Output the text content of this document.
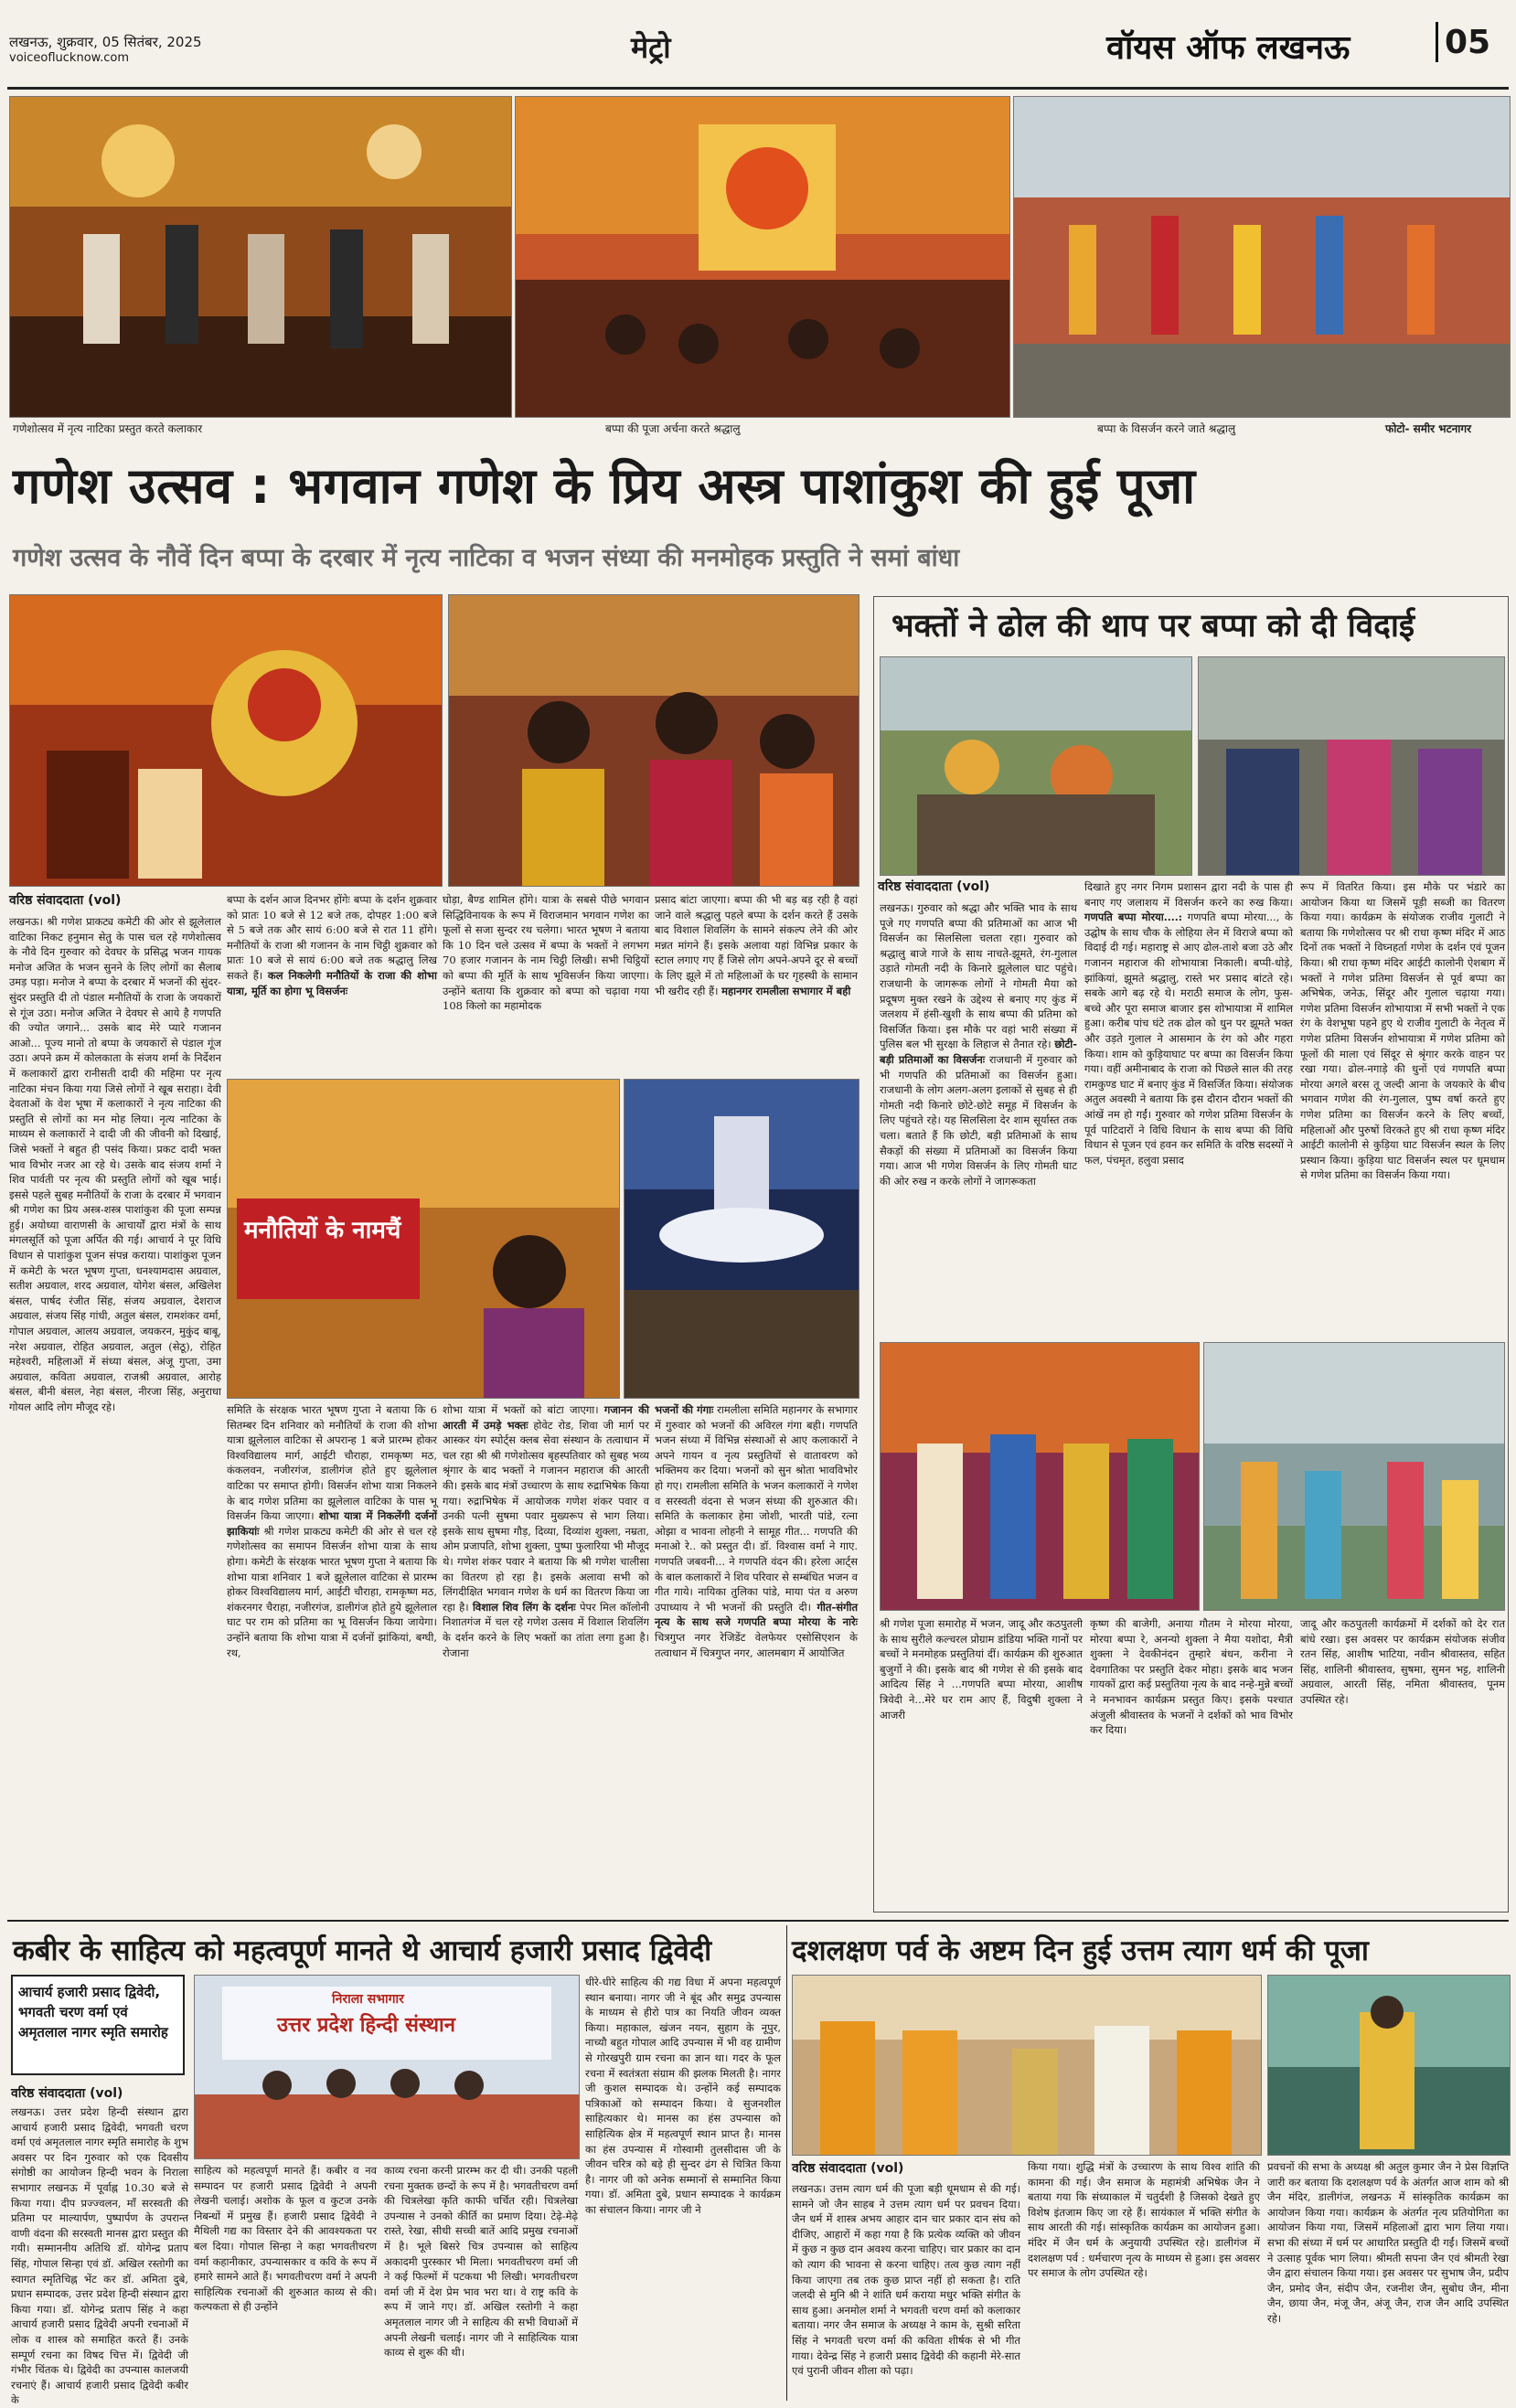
लखनऊ, शुक्रवार, 05 सितंबर, 2025
voiceoflucknow.com	मेट्रो	वॉयस ऑफ लखनऊ	05
गणेशोत्सव में नृत्य नाटिका प्रस्तुत करते कलाकार	बप्पा की पूजा अर्चना करते श्रद्धालु	बप्पा के विसर्जन करने जाते श्रद्धालु	फोटो- समीर भटनागर
गणेश उत्सव : भगवान गणेश के प्रिय अस्त्र पाशांकुश की हुई पूजा
गणेश उत्सव के नौवें दिन बप्पा के दरबार में नृत्य नाटिका व भजन संध्या की मनमोहक प्रस्तुति ने समां बांधा
वरिष्ठ संवाददाता (vol)
लखनऊ। श्री गणेश प्राकट्य कमेटी की ओर से झूलेलाल वाटिका निकट हनुमान सेतु के पास चल रहे गणेशोत्सव के नौवे दिन गुरुवार को देवघर के प्रसिद्ध भजन गायक मनोज अजित के भजन सुनने के लिए लोगों का सैलाब उमड़ पड़ा। मनोज ने बप्पा के दरबार में भजनों की सुंदर-सुंदर प्रस्तुति दी तो पंडाल मनौतियों के राजा के जयकारों से गूंज उठा। मनोज अजित ने देवघर से आये है गणपति की ज्योत जगाने... उसके बाद मेरे प्यारे गजानन आओ... पूज्य मानो तो बप्पा के जयकारों से पंडाल गूंज उठा। अपने क्रम में कोलकाता के संजय शर्मा के निर्देशन में कलाकारों द्वारा रानीसती दादी की महिमा पर नृत्य नाटिका मंचन किया गया जिसे लोगों ने खूब सराहा। देवी देवताओं के वेश भूषा में कलाकारों ने नृत्य नाटिका की प्रस्तुति से लोगों का मन मोह लिया। नृत्य नाटिका के माध्यम से कलाकारों ने दादी जी की जीवनी को दिखाई, जिसे भक्तों ने बहुत ही पसंद किया। प्रकट दादी भक्त भाव विभोर नजर आ रहे थे। उसके बाद संजय शर्मा ने शिव पार्वती पर नृत्य की प्रस्तुति लोगों को खूब भाई। इससे पहले सुबह मनौतियों के राजा के दरबार में भगवान श्री गणेश का प्रिय अस्त्र-शस्त्र पाशांकुश की पूजा सम्पन्न हुई। अयोध्या वाराणसी के आचार्यों द्वारा मंत्रों के साथ मंगलसूर्ति को पूजा अर्पित की गई। आचार्य ने पूर विधि विधान से पाशांकुश पूजन संपन्न कराया। पाशांकुश पूजन में कमेटी के भरत भूषण गुप्ता, धनश्यामदास अग्रवाल, सतीश अग्रवाल, शरद अग्रवाल, योगेश बंसल, अखिलेश बंसल, पार्षद रंजीत सिंह, संजय अग्रवाल, देशराज अग्रवाल, संजय सिंह गांधी, अतुल बंसल, रामशंकर वर्मा, गोपाल अग्रवाल, आलय अग्रवाल, जयकरन, मुकुंद बाबू, नरेश अग्रवाल, रोहित अग्रवाल, अतुल (सेठू), रोहित महेश्वरी, महिलाओं में संध्या बंसल, अंजू गुप्ता, उमा अग्रवाल, कविता अग्रवाल, राजश्री अग्रवाल, आरोह बंसल, बीनी बंसल, नेहा बंसल, नीरजा सिंह, अनुराधा गोयल आदि लोग मौजूद रहे।
बप्पा के दर्शन आज दिनभर होंगेः बप्पा के दर्शन शुक्रवार को प्रातः 10 बजे से 12 बजे तक, दोपहर 1:00 बजे से 5 बजे तक और सायं 6:00 बजे से रात 11 होंगे। मनौतियों के राजा श्री गजानन के नाम चिट्ठी शुक्रवार को प्रातः 10 बजे से सायं 6:00 बजे तक श्रद्धालु लिख सकते हैं। कल निकलेगी मनौतियों के राजा की शोभा यात्रा, मूर्ति का होगा भू विसर्जनः
घोड़ा, बैण्ड शामिल होंगे। यात्रा के सबसे पीछे भगवान सिद्धिविनायक के रूप में विराजमान भगवान गणेश का फूलों से सजा सुन्दर रथ चलेगा। भारत भूषण ने बताया कि 10 दिन चले उत्सव में बप्पा के भक्तों ने लगभग 70 हजार गजानन के नाम चिट्ठी लिखी। सभी चिट्ठियों को बप्पा की मूर्ति के साथ भूविसर्जन किया जाएगा। उन्होंने बताया कि शुक्रवार को बप्पा को चढ़ावा गया 108 किलो का महामोदक
प्रसाद बांटा जाएगा। बप्पा की भी बड़ बड़ रही है वहां जाने वाले श्रद्धालु पहले बप्पा के दर्शन करते हैं उसके बाद विशाल शिवलिंग के सामने संकल्प लेने की ओर मन्नत मांगने हैं। इसके अलावा यहां विभिन्न प्रकार के स्टाल लगाए गए हैं जिसे लोग अपने-अपने दूर से बच्चों के लिए झूले में तो महिलाओं के घर गृहस्थी के सामान भी खरीद रही हैं। महानगर रामलीला सभागार में बही
मनौतियों के नामचैं
समिति के संरक्षक भारत भूषण गुप्ता ने बताया कि 6 सितम्बर दिन शनिवार को मनौतियों के राजा की शोभा यात्रा झूलेलाल वाटिका से अपरान्ह 1 बजे प्रारम्भ होकर विश्वविद्यालय मार्ग, आईटी चौराहा, रामकृष्ण मठ, कंकलवन, नजीरगंज, डालीगंज होते हुए झूलेलाल वाटिका पर समाप्त होगी। विसर्जन शोभा यात्रा निकलने के बाद गणेश प्रतिमा का झूलेलाल वाटिका के पास भू विसर्जन किया जाएगा। शोभा यात्रा में निकलेंगी दर्जनों झाकियांः श्री गणेश प्राकट्य कमेटी की ओर से चल रहे गणेशोत्सव का समापन विसर्जन शोभा यात्रा के साथ होगा। कमेटी के संरक्षक भारत भूषण गुप्ता ने बताया कि शोभा यात्रा शनिवार 1 बजे झूलेलाल वाटिका से प्रारम्भ होकर विश्वविद्यालय मार्ग, आईटी चौराहा, रामकृष्ण मठ, शंकरनगर चैराहा, नजीरगंज, डालीगंज होते हुये झूलेलाल घाट पर राम को प्रतिमा का भू विसर्जन किया जायेगा। उन्होंने बताया कि शोभा यात्रा में दर्जनों झांकियां, बग्घी, रथ,
शोभा यात्रा में भक्तों को बांटा जाएगा। गजानन की आरती में उमड़े भक्तः होवेट रोड, शिवा जी मार्ग पर आस्कर यंग स्पोर्ट्स क्लब सेवा संस्थान के तत्वाधान में चल रहा श्री श्री गणेशोत्सव बृहस्पतिवार को सुबह भव्य श्रृंगार के बाद भक्तों ने गजानन महाराज की आरती की। इसके बाद मंत्रों उच्चारण के साथ रुद्राभिषेक किया गया। रुद्राभिषेक में आयोजक गणेश शंकर पवार व उनकी पत्नी सुषमा पवार मुख्यरूप से भाग लिया। इसके साथ सुषमा गौड़, दिव्या, दिव्यांश शुक्ला, नम्रता, ओम प्रजापति, शोभा शुक्ला, पुष्पा फुलारिया भी मौजूद थे। गणेश शंकर पवार ने बताया कि श्री गणेश चालीसा का वितरण हो रहा है। इसके अलावा सभी को लिंगदीक्षित भगवान गणेश के धर्म का वितरण किया जा रहा है। विशाल शिव लिंग के दर्शनः पेपर मिल कॉलोनी निशातगंज में चल रहे गणेश उत्सव में विशाल शिवलिंग के दर्शन करने के लिए भक्तों का तांता लगा हुआ है। रोजाना
भजनों की गंगाः रामलीला समिति महानगर के सभागार में गुरुवार को भजनों की अविरल गंगा बही। गणपति भजन संध्या में विभिन्न संस्थाओं से आए कलाकारों ने अपने गायन व नृत्य प्रस्तुतियों से वातावरण को भक्तिमय कर दिया। भजनों को सुन श्रोता भावविभोर हो गए। रामलीला समिति के भजन कलाकारों ने गणेश व सरस्वती वंदना से भजन संध्या की शुरुआत की। समिति के कलाकार हेमा जोशी, भारती पांडे, रत्ना ओझा व भावना लोहनी ने सामूह गीत... गणपति की मनाओ रे.. को प्रस्तुत दी। डॉ. विश्वास वर्मा ने गाए. गणपति जबवनी... ने गणपति वंदन की। हरेला आर्ट्स के बाल कलाकारों ने शिव परिवार से सम्बंधित भजन व गीत गाये। नायिका तुलिका पांडे, माया पंत व अरुण उपाध्याय ने भी भजनों की प्रस्तुति दी। गीत-संगीत नृत्य के साथ सजे गणपति बप्पा मोरया के नारेः चित्रगुप्त नगर रेजिडेंट वेलफेयर एसोसिएशन के तत्वाधान में चित्रगुप्त नगर, आलमबाग में आयोजित
भक्तों ने ढोल की थाप पर बप्पा को दी विदाई
वरिष्ठ संवाददाता (vol)
लखनऊ। गुरुवार को श्रद्धा और भक्ति भाव के साथ पूजे गए गणपति बप्पा की प्रतिमाओं का आज भी विसर्जन का सिलसिला चलता रहा। गुरुवार को श्रद्धालु बाजे गाजे के साथ नाचते-झूमते, रंग-गुलाल उड़ाते गोमती नदी के किनारे झूलेलाल घाट पहुंचे। राजधानी के जागरूक लोगों ने गोमती मैया को प्रदूषण मुक्त रखने के उद्देश्य से बनाए गए कुंड में जलशय में हंसी-खुशी के साथ बप्पा की प्रतिमा को विसर्जित किया। इस मौके पर वहां भारी संख्या में पुलिस बल भी सुरक्षा के लिहाज से तैनात रहे। छोटी-बड़ी प्रतिमाओं का विसर्जनः राजधानी में गुरुवार को भी गणपति की प्रतिमाओं का विसर्जन हुआ। राजधानी के लोग अलग-अलग इलाकों से सुबह से ही गोमती नदी किनारे छोटे-छोटे समूह में विसर्जन के लिए पहुंचते रहे। यह सिलसिला देर शाम सूर्यास्त तक चला। बताते हैं कि छोटी, बड़ी प्रतिमाओं के साथ सैकड़ों की संख्या में प्रतिमाओं का विसर्जन किया गया। आज भी गणेश विसर्जन के लिए गोमती घाट की ओर रुख न करके लोगों ने जागरूकता
दिखाते हुए नगर निगम प्रशासन द्वारा नदी के पास ही बनाए गए जलाशय में विसर्जन करने का रुख किया। गणपति बप्पा मोरया....: गणपति बप्पा मोरया..., के उद्घोष के साथ चौक के लोहिया लेन में विराजे बप्पा को विदाई दी गई। महाराष्ट्र से आए ढोल-ताशे बजा उठे और गजानन महाराज की शोभायात्रा निकाली। बप्पी-धोड़े, झांकियां, झूमते श्रद्धालु, रास्ते भर प्रसाद बांटते रहे। सबके आगे बढ़ रहे थे। मराठी समाज के लोग, फुस-बच्चे और पूरा समाज बाजार इस शोभायात्रा में शामिल हुआ। करीब पांच घंटे तक ढोल को धुन पर झूमते भक्त और उड़ते गुलाल ने आसमान के रंग को और गहरा किया। शाम को कुड़ियाघाट पर बप्पा का विसर्जन किया गया। वहीं अमीनाबाद के राजा को पिछले साल की तरह रामकुण्ड घाट में बनाए कुंड में विसर्जित किया। संयोजक अतुल अवस्थी ने बताया कि इस दौरान दौरान भक्तों की आंखें नम हो गईं। गुरुवार को गणेश प्रतिमा विसर्जन के पूर्व पाटिदारों ने विधि विधान के साथ बप्पा की विधि विधान से पूजन एवं हवन कर समिति के वरिष्ठ सदस्यों ने फल, पंचमृत, हलुवा प्रसाद
रूप में वितरित किया। इस मौके पर भंडारे का आयोजन किया था जिसमें पूड़ी सब्जी का वितरण किया गया। कार्यक्रम के संयोजक राजीव गुलाटी ने बताया कि गणेशोत्सव पर श्री राधा कृष्ण मंदिर में आठ दिनों तक भक्तों ने विघ्नहर्ता गणेश के दर्शन एवं पूजन किया। श्री राधा कृष्ण मंदिर आईटी कालोनी ऐशबाग में भक्तों ने गणेश प्रतिमा विसर्जन से पूर्व बप्पा का अभिषेक, जनेऊ, सिंदूर और गुलाल चढ़ाया गया। गणेश प्रतिमा विसर्जन शोभायात्रा में सभी भक्तों ने एक रंग के वेशभूषा पहने हुए थे राजीव गुलाटी के नेतृत्व में गणेश प्रतिमा विसर्जन शोभायात्रा में गणेश प्रतिमा को फूलों की माला एवं सिंदूर से श्रृंगार करके वाहन पर रखा गया। ढोल-नगाड़े की धुनों एवं गणपति बप्पा मोरया अगले बरस तू जल्दी आना के जयकारे के बीच भगवान गणेश की रंग-गुलाल, पुष्प वर्षा करते हुए गणेश प्रतिमा का विसर्जन करने के लिए बच्चों, महिलाओं और पुरुषों विरकते हुए श्री राधा कृष्ण मंदिर आईटी कालोनी से कुड़िया घाट विसर्जन स्थल के लिए प्रस्थान किया। कुड़िया घाट विसर्जन स्थल पर धूमधाम से गणेश प्रतिमा का विसर्जन किया गया।
श्री गणेश पूजा समारोह में भजन, जादू और कठपुतली के साथ सुरीले कल्चरल प्रोग्राम डांडिया भक्ति गानों पर बच्चों ने मनमोहक प्रस्तुतियां दीं। कार्यक्रम की शुरुआत बुजुर्गो ने की। इसके बाद श्री गणेश से की इसके बाद आदित्य सिंह ने ...गणपति बप्पा मोरया, आशीष त्रिवेदी ने...मेरे घर राम आए हैं, विदुषी शुक्ला ने आजरी
कृष्ण की बाजेगी, अनाया गौतम ने मोरया मोरया, मोरया बप्पा रे, अनन्यो शुक्ला ने मैया यशोदा, मैत्री शुक्ला ने देवकीनंदन तुम्हारे बंधन, करीना ने देवगातिका पर प्रस्तुति देकर मोहा। इसके बाद भजन गायकों द्वारा कई प्रस्तुतिया नृत्य के बाद नन्हे-मुन्ने बच्चों ने मनभावन कार्यक्रम प्रस्तुत किए। इसके पश्चात अंजुली श्रीवास्तव के भजनों ने दर्शकों को भाव विभोर कर दिया।
जादू और कठपुतली कार्यक्रमों में दर्शकों को देर रात बांधे रखा। इस अवसर पर कार्यक्रम संयोजक संजीव रतन सिंह, आशीष भाटिया, नवीन श्रीवास्तव, सहित सिंह, शालिनी श्रीवास्तव, सुषमा, सुमन भट्ट, शालिनी अग्रवाल, आरती सिंह, नमिता श्रीवास्तव, पूनम उपस्थित रहे।
कबीर के साहित्य को महत्वपूर्ण मानते थे आचार्य हजारी प्रसाद द्विवेदी
आचार्य हजारी प्रसाद द्विवेदी, भगवती चरण वर्मा एवं अमृतलाल नागर स्मृति समारोह
वरिष्ठ संवाददाता (vol)
निराला सभागार
उत्तर प्रदेश हिन्दी संस्थान
लखनऊ। उत्तर प्रदेश हिन्दी संस्थान द्वारा आचार्य हजारी प्रसाद द्विवेदी, भगवती चरण वर्मा एवं अमृतलाल नागर स्मृति समारोह के शुभ अवसर पर दिन गुरुवार को एक दिवसीय संगोष्ठी का आयोजन हिन्दी भवन के निराला सभागार लखनऊ में पूर्वाह्न 10.30 बजे से किया गया। दीप प्रज्ज्वलन, माँ सरस्वती की प्रतिमा पर माल्यार्पण, पुष्पार्पण के उपरान्त वाणी वंदना की सरस्वती मानस द्वारा प्रस्तुत की गयी। सम्माननीय अतिथि डॉ. योगेन्द्र प्रताप सिंह, गोपाल सिन्हा एवं डॉ. अखिल रस्तोगी का स्वागत स्मृतिचिह्न भेंट कर डॉ. अमिता दुबे, प्रधान सम्पादक, उत्तर प्रदेश हिन्दी संस्थान द्वारा किया गया। डॉ. योगेन्द्र प्रताप सिंह ने कहा आचार्य हजारी प्रसाद द्विवेदी अपनी रचनाओं में लोक व शास्त्र को समाहित करते हैं। उनके सम्पूर्ण रचना का विषद चित्त में। द्विवेदी जी गंभीर चिंतक थे। द्विवेदी का उपन्यास कालजयी रचनाएं हैं। आचार्य हजारी प्रसाद द्विवेदी कबीर के
साहित्य को महत्वपूर्ण मानते हैं। कबीर व नव सम्पादन पर हजारी प्रसाद द्विवेदी ने अपनी लेखनी चलाई। अशोक के फूल व कुटज उनके निबन्धों में प्रमुख हैं। हजारी प्रसाद द्विवेदी ने मैथिली गद्य का विस्तार देने की आवश्यकता पर बल दिया। गोपाल सिन्हा ने कहा भगवतीचरण वर्मा कहानीकार, उपन्यासकार व कवि के रूप में हमारे सामने आते हैं। भगवतीचरण वर्मा ने अपनी साहित्यिक रचनाओं की शुरुआत काव्य से की। कल्पकता से ही उन्होंने
काव्य रचना करनी प्रारम्भ कर दी थी। उनकी पहली रचना मुक्तक छन्दों के रूप में है। भगवतीचरण वर्मा की चित्रलेखा कृति काफी चर्चित रही। चित्रलेखा उपन्यास ने उनको कीर्ति का प्रमाण दिया। टेढ़े-मेढ़े रास्ते, रेखा, सीधी सच्ची बातें आदि प्रमुख रचनाओं में है। भूले बिसरे चित्र उपन्यास को साहित्य अकादमी पुरस्कार भी मिला। भगवतीचरण वर्मा जी ने कई फिल्मों में पटकथा भी लिखी। भगवतीचरण वर्मा जी में देश प्रेम भाव भरा था। वे राष्ट्र कवि के रूप में जाने गए। डॉ. अखिल रस्तोगी ने कहा अमृतलाल नागर जी ने साहित्य की सभी विधाओं में अपनी लेखनी चलाई। नागर जी ने साहित्यिक यात्रा काव्य से शुरू की थी।
धीरे-धीरे साहित्य की गद्य विधा में अपना महत्वपूर्ण स्थान बनाया। नागर जी ने बूंद और समुद्र उपन्यास के माध्यम से हीरो पात्र का नियति जीवन व्यक्त किया। महाकाल, खंजन नयन, सुहाग के नूपुर, नाच्यौ बहुत गोपाल आदि उपन्यास में भी वह ग्रामीण से गोरखपुरी ग्राम रचना का ज्ञान था। गदर के फूल रचना में स्वतंत्रता संग्राम की झलक मिलती है। नागर जी कुशल सम्पादक थे। उन्होंने कई सम्पादक पत्रिकाओं को सम्पादन किया। वे सुजनशील साहित्यकार थे। मानस का हंस उपन्यास को साहित्यिक क्षेत्र में महत्वपूर्ण स्थान प्राप्त है। मानस का हंस उपन्यास में गोस्वामी तुलसीदास जी के जीवन चरित्र को बड़े ही सुन्दर ढंग से चित्रित किया है। नागर जी को अनेक सम्मानों से सम्मानित किया गया। डॉ. अमिता दुबे, प्रधान सम्पादक ने कार्यक्रम का संचालन किया। नागर जी ने
दशलक्षण पर्व के अष्टम दिन हुई उत्तम त्याग धर्म की पूजा
वरिष्ठ संवाददाता (vol)
लखनऊ। उत्तम त्याग धर्म की पूजा बड़ी धूमधाम से की गई। सामने जो जैन साहब ने उत्तम त्याग धर्म पर प्रवचन दिया। जैन धर्म में शास्त्र अभय आहार दान चार प्रकार दान संघ को दीजिए, आहारों में कहा गया है कि प्रत्येक व्यक्ति को जीवन में कुछ न कुछ दान अवश्य करना चाहिए। चार प्रकार का दान को त्याग की भावना से करना चाहिए। तत्व कुछ त्याग नहीं किया जाएगा तब तक कुछ प्राप्त नहीं हो सकता है। राति जलदी से मुनि श्री ने शांति धर्म कराया मधुर भक्ति संगीत के साथ हुआ। अनमोल शर्मा ने भगवती चरण वर्मा को कलाकार बताया। नगर जैन समाज के अध्यक्ष ने काम के, सुश्री सरिता सिंह ने भगवती चरण वर्मा की कविता शीर्षक से भी गीत गाया। देवेन्द्र सिंह ने हजारी प्रसाद द्विवेदी की कहानी मेरे-सात एवं पुरानी जीवन शीला को पढ़ा।
किया गया। शुद्धि मंत्रों के उच्चारण के साथ विश्व शांति की कामना की गई। जैन समाज के महामंत्री अभिषेक जैन ने बताया गया कि संध्याकाल में चतुर्दशी है जिसको देखते हुए विशेष इंतजाम किए जा रहे हैं। सायंकाल में भक्ति संगीत के साथ आरती की गई। सांस्कृतिक कार्यक्रम का आयोजन हुआ। मंदिर में जैन धर्म के अनुयायी उपस्थित रहे। डालीगंज में दशलक्षण पर्व : धर्मचारण नृत्य के माध्यम से हुआ। इस अवसर पर समाज के लोग उपस्थित रहे।
प्रवचनों की सभा के अध्यक्ष श्री अतुल कुमार जैन ने प्रेस विज्ञप्ति जारी कर बताया कि दशलक्षण पर्व के अंतर्गत आज शाम को श्री जैन मंदिर, डालीगंज, लखनऊ में सांस्कृतिक कार्यक्रम का आयोजन किया गया। कार्यक्रम के अंतर्गत नृत्य प्रतियोगिता का आयोजन किया गया, जिसमें महिलाओं द्वारा भाग लिया गया। सभा की संध्या में धर्म पर आधारित प्रस्तुति दी गईं। जिसमें बच्चों ने उत्साह पूर्वक भाग लिया। श्रीमती सपना जैन एवं श्रीमती रेखा जैन द्वारा संचालन किया गया। इस अवसर पर सुभाष जैन, प्रदीप जैन, प्रमोद जैन, संदीप जैन, रजनीश जैन, सुबोध जैन, मीना जैन, छाया जैन, मंजू जैन, अंजू जैन, राज जैन आदि उपस्थित रहे।
